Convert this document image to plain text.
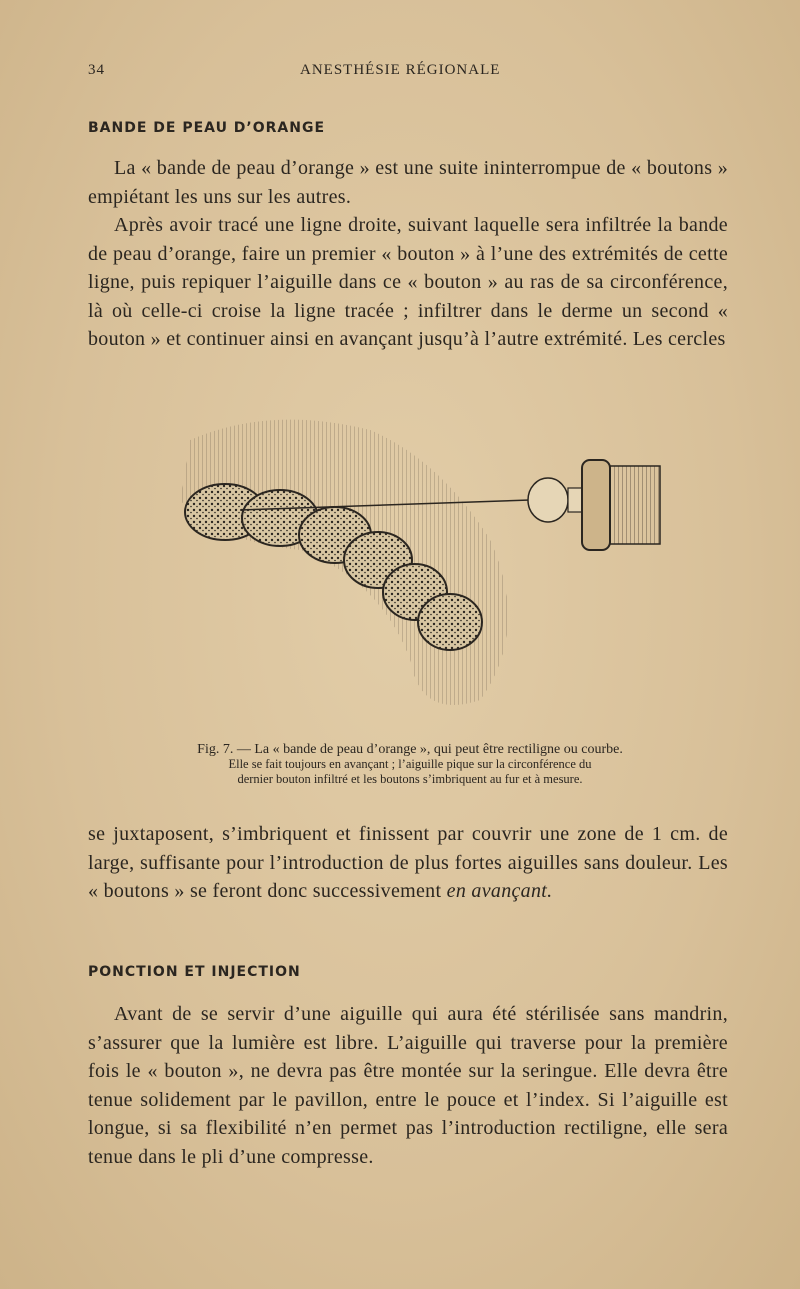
34	ANESTHÉSIE RÉGIONALE
BANDE DE PEAU D’ORANGE

La « bande de peau d’orange » est une suite ininterrompue de « boutons » empiétant les uns sur les autres.

Après avoir tracé une ligne droite, suivant laquelle sera infiltrée la bande de peau d’orange, faire un premier « bouton » à l’une des extrémités de cette ligne, puis repiquer l’aiguille dans ce « bouton » au ras de sa circonférence, là où celle-ci croise la ligne tracée ; infiltrer dans le derme un second « bouton » et continuer ainsi en avançant jusqu’à l’autre extrémité. Les cercles

Fig. 7. — La « bande de peau d’orange », qui peut être rectiligne ou courbe.
Elle se fait toujours en avançant ; l’aiguille pique sur la circonférence du
dernier bouton infiltré et les boutons s’imbriquent au fur et à mesure.

se juxtaposent, s’imbriquent et finissent par couvrir une zone de 1 cm. de large, suffisante pour l’introduction de plus fortes aiguilles sans douleur. Les « boutons » se feront donc successivement en avançant.

PONCTION ET INJECTION

Avant de se servir d’une aiguille qui aura été stérilisée sans mandrin, s’assurer que la lumière est libre. L’aiguille qui traverse pour la première fois le « bouton », ne devra pas être montée sur la seringue. Elle devra être tenue solidement par le pavillon, entre le pouce et l’index. Si l’aiguille est longue, si sa flexibilité n’en permet pas l’introduction rectiligne, elle sera tenue dans le pli d’une compresse.
